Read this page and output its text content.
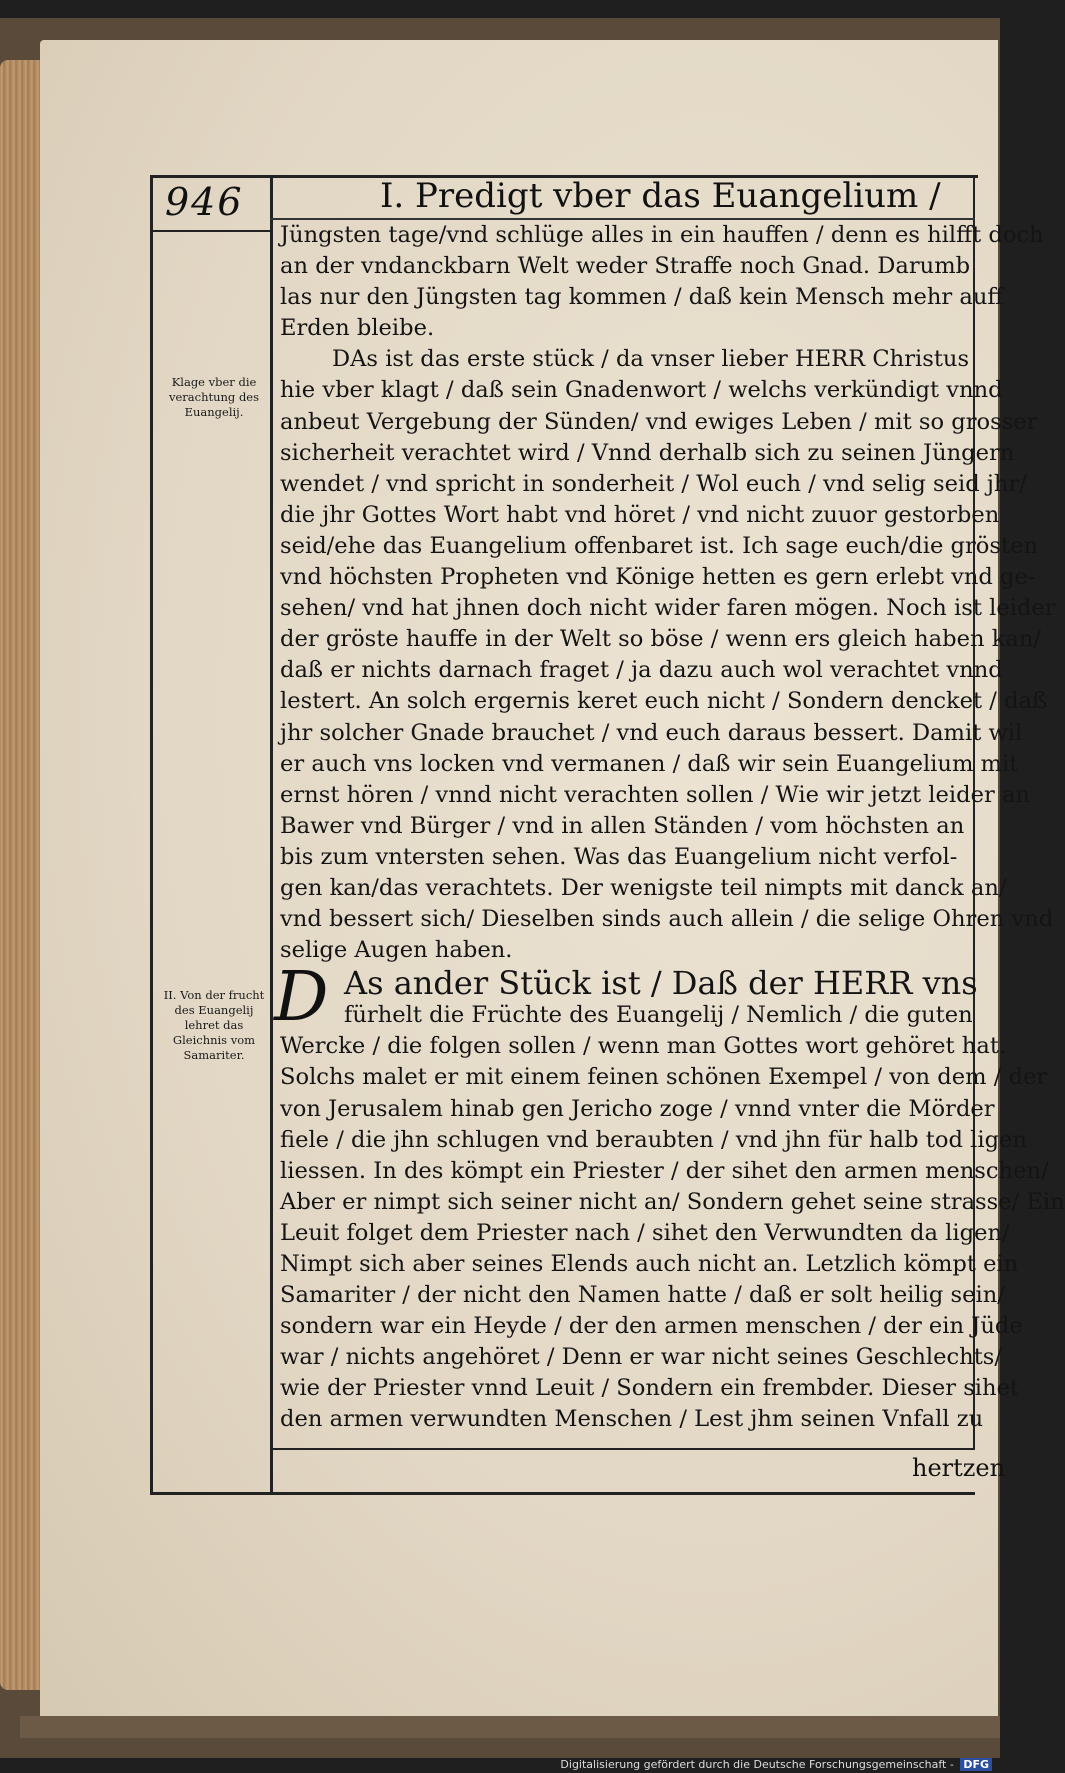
946	I. Predigt vber das Euangelium /
Klage vber die verachtung des Euangelij.
II. Von der frucht des Euangelij lehret das Gleichnis vom Samariter.
Jüngsten tage/vnd schlüge alles in ein hauffen / denn es hilfft doch
an der vndanckbarn Welt weder Straffe noch Gnad. Darumb
las nur den Jüngsten tag kommen / daß kein Mensch mehr auff
Erden bleibe.
DAs ist das erste stück / da vnser lieber HERR Christus
hie vber klagt / daß sein Gnadenwort / welchs verkündigt vnnd
anbeut Vergebung der Sünden/ vnd ewiges Leben / mit so grosser
sicherheit verachtet wird / Vnnd derhalb sich zu seinen Jüngern
wendet / vnd spricht in sonderheit / Wol euch / vnd selig seid jhr/
die jhr Gottes Wort habt vnd höret / vnd nicht zuuor gestorben
seid/ehe das Euangelium offenbaret ist. Ich sage euch/die grösten
vnd höchsten Propheten vnd Könige hetten es gern erlebt vnd ge-
sehen/ vnd hat jhnen doch nicht wider faren mögen. Noch ist leider
der gröste hauffe in der Welt so böse / wenn ers gleich haben kan/
daß er nichts darnach fraget / ja dazu auch wol verachtet vnnd
lestert. An solch ergernis keret euch nicht / Sondern dencket / daß
jhr solcher Gnade brauchet / vnd euch daraus bessert. Damit wil
er auch vns locken vnd vermanen / daß wir sein Euangelium mit
ernst hören / vnnd nicht verachten sollen / Wie wir jetzt leider an
Bawer vnd Bürger / vnd in allen Ständen / vom höchsten an
bis zum vntersten sehen. Was das Euangelium nicht verfol-
gen kan/das verachtets. Der wenigste teil nimpts mit danck an/
vnd bessert sich/ Dieselben sinds auch allein / die selige Ohren vnd
selige Augen haben.
D As ander Stück ist / Daß der HERR vns
fürhelt die Früchte des Euangelij / Nemlich / die guten
Wercke / die folgen sollen / wenn man Gottes wort gehöret hat.
Solchs malet er mit einem feinen schönen Exempel / von dem / der
von Jerusalem hinab gen Jericho zoge / vnnd vnter die Mörder
fiele / die jhn schlugen vnd beraubten / vnd jhn für halb tod ligen
liessen. In des kömpt ein Priester / der sihet den armen menschen/
Aber er nimpt sich seiner nicht an/ Sondern gehet seine strasse/ Ein
Leuit folget dem Priester nach / sihet den Verwundten da ligen/
Nimpt sich aber seines Elends auch nicht an. Letzlich kömpt ein
Samariter / der nicht den Namen hatte / daß er solt heilig sein/
sondern war ein Heyde / der den armen menschen / der ein Jüde
war / nichts angehöret / Denn er war nicht seines Geschlechts/
wie der Priester vnnd Leuit / Sondern ein frembder. Dieser sihet
den armen verwundten Menschen / Lest jhm seinen Vnfall zu
hertzen
Digitalisierung gefördert durch die Deutsche Forschungsgemeinschaft - DFG
